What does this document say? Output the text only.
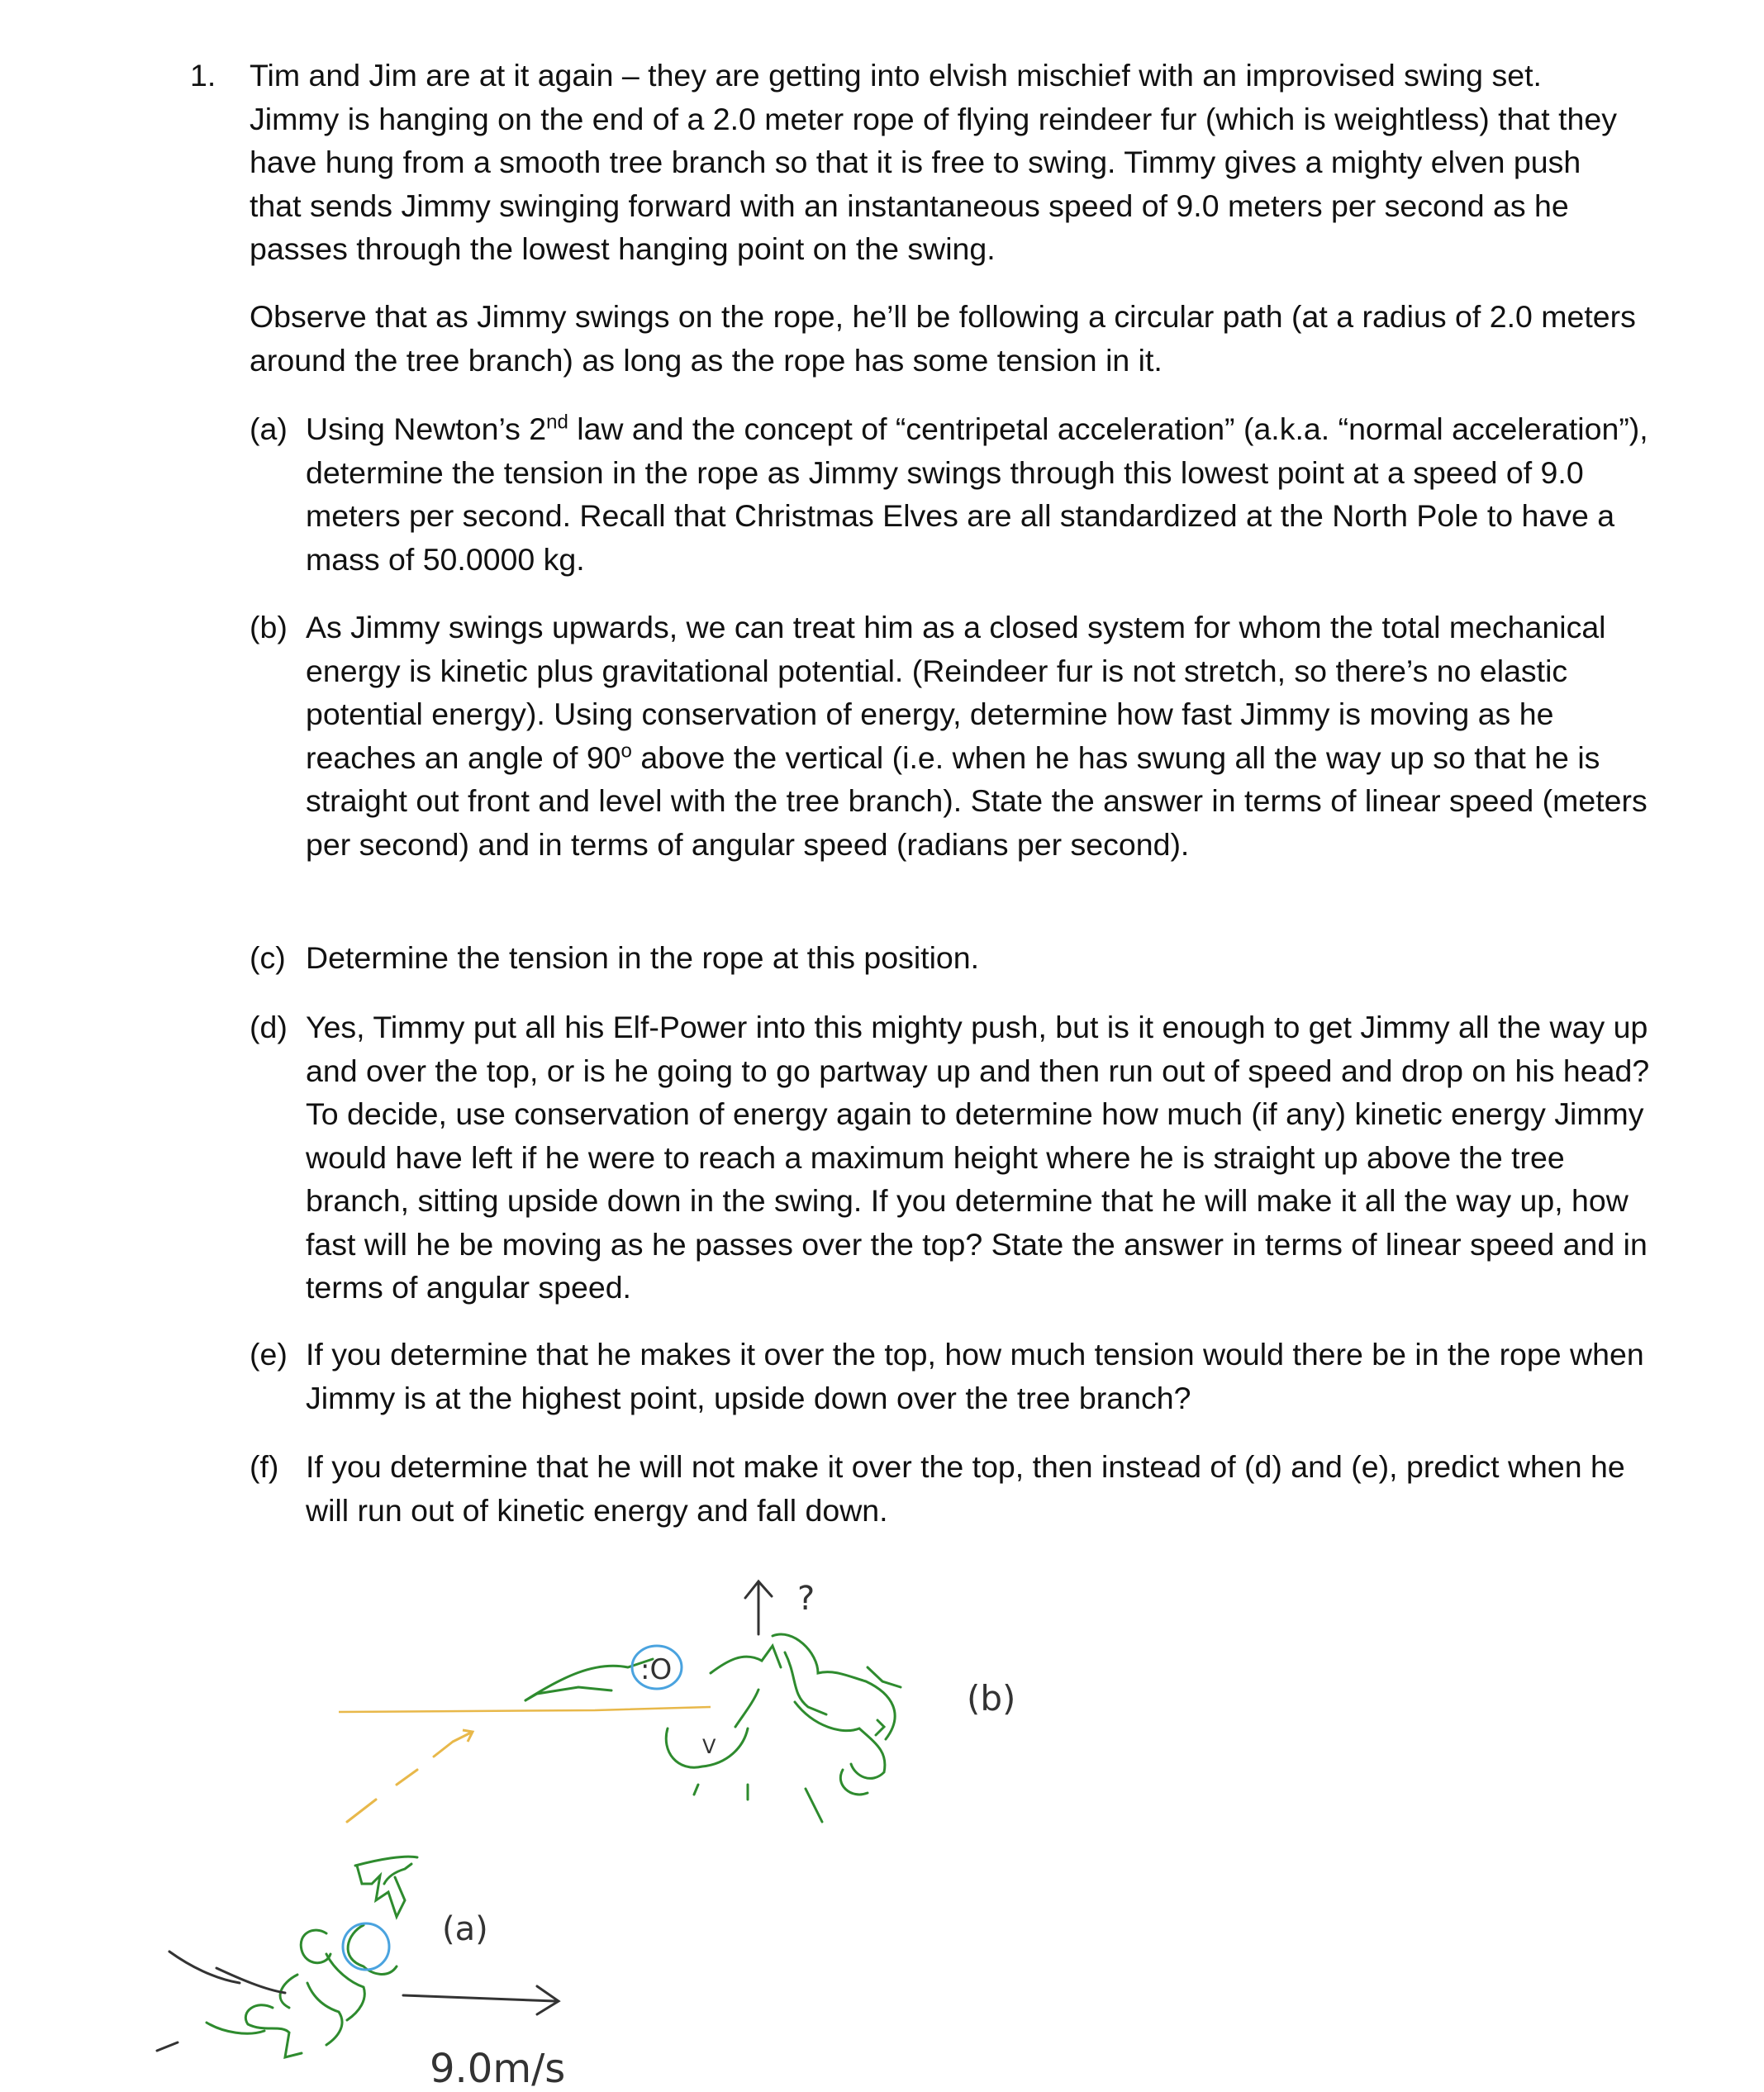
1. Tim and Jim are at it again – they are getting into elvish mischief with an improvised swing set. Jimmy is hanging on the end of a 2.0 meter rope of flying reindeer fur (which is weightless) that they have hung from a smooth tree branch so that it is free to swing. Timmy gives a mighty elven push that sends Jimmy swinging forward with an instantaneous speed of 9.0 meters per second as he passes through the lowest hanging point on the swing.

Observe that as Jimmy swings on the rope, he’ll be following a circular path (at a radius of 2.0 meters around the tree branch) as long as the rope has some tension in it.

(a) Using Newton’s 2nd law and the concept of “centripetal acceleration” (a.k.a. “normal acceleration”), determine the tension in the rope as Jimmy swings through this lowest point at a speed of 9.0 meters per second. Recall that Christmas Elves are all standardized at the North Pole to have a mass of 50.0000 kg.
(b) As Jimmy swings upwards, we can treat him as a closed system for whom the total mechanical energy is kinetic plus gravitational potential. (Reindeer fur is not stretch, so there’s no elastic potential energy). Using conservation of energy, determine how fast Jimmy is moving as he reaches an angle of 90$^o$ above the vertical (i.e. when he has swung all the way up so that he is straight out front and level with the tree branch). State the answer in terms of linear speed (meters per second) and in terms of angular speed (radians per second).
(c) Determine the tension in the rope at this position.
(d) Yes, Timmy put all his Elf-Power into this mighty push, but is it enough to get Jimmy all the way up and over the top, or is he going to go partway up and then run out of speed and drop on his head? To decide, use conservation of energy again to determine how much (if any) kinetic energy Jimmy would have left if he were to reach a maximum height where he is straight up above the tree branch, sitting upside down in the swing. If you determine that he will make it all the way up, how fast will he be moving as he passes over the top? State the answer in terms of linear speed and in terms of angular speed.
(e) If you determine that he makes it over the top, how much tension would there be in the rope when Jimmy is at the highest point, upside down over the tree branch?
(f) If you determine that he will not make it over the top, then instead of (d) and (e), predict when he will run out of kinetic energy and fall down.
?
V
:O
(b)
(a)
9.0m/s
